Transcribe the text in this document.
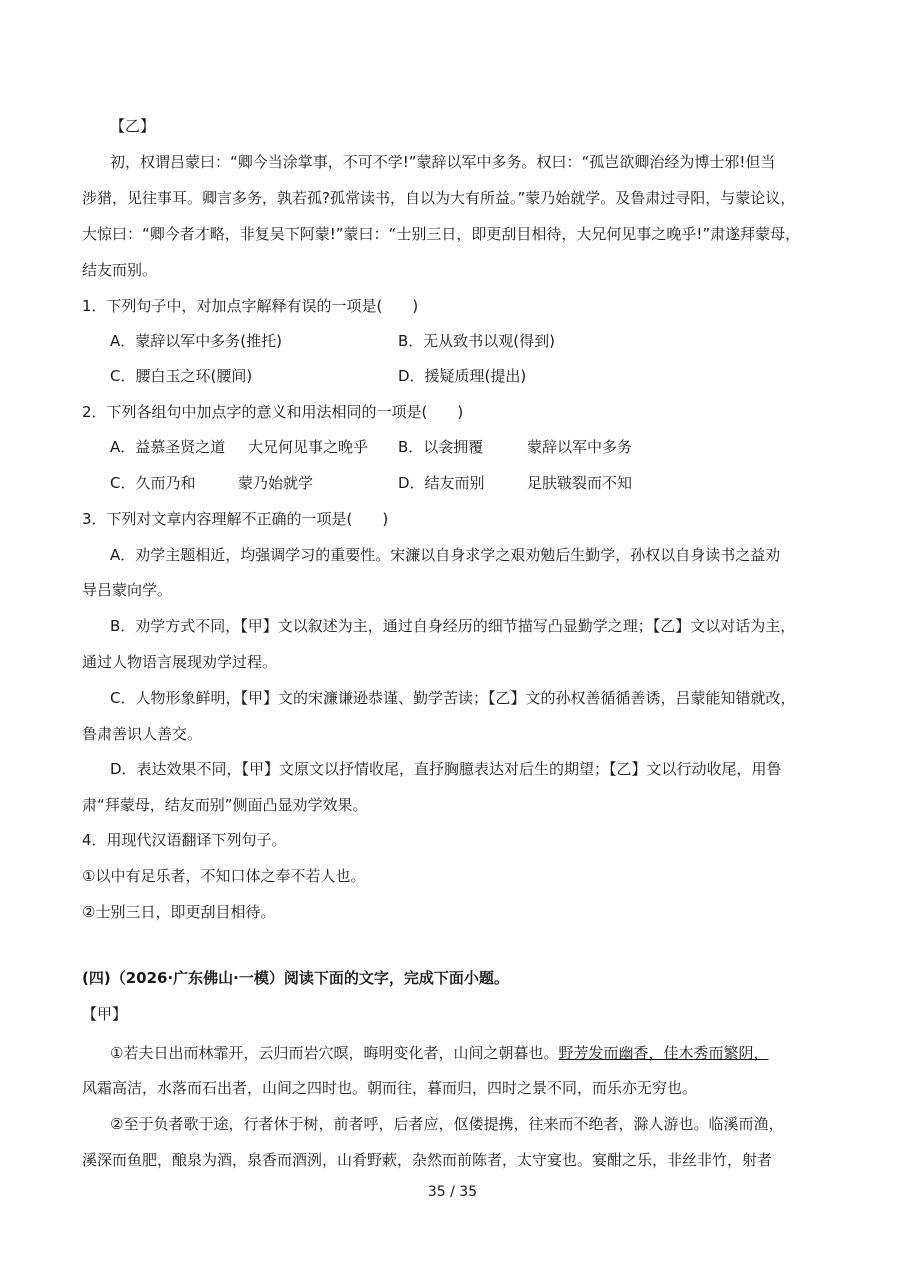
【乙】
初，权谓吕蒙曰：“卿今当涂掌事，不可不学!”蒙辞以军中多务。权曰：“孤岂欲卿治经为博士邪!但当
涉猎，见往事耳。卿言多务，孰若孤?孤常读书，自以为大有所益。”蒙乃始就学。及鲁肃过寻阳，与蒙论议，
大惊曰：“卿今者才略，非复吴下阿蒙!”蒙曰：“士别三日，即更刮目相待，大兄何见事之晚乎!”肃遂拜蒙母，
结友而别。
1．下列句子中，对加点字解释有误的一项是(　　)
A．蒙辞以军中多务(推托)	B．无从致书以观(得到)
C．腰白玉之环(腰间)	D．援疑质理(提出)
2．下列各组句中加点字的意义和用法相同的一项是(　　)
A．益慕圣贤之道 大兄何见事之晚乎 B．以衾拥覆	蒙辞以军中多务
C．久而乃和	蒙乃始就学	D．结友而别	足肤皲裂而不知
3．下列对文章内容理解不正确的一项是(　　)
A．劝学主题相近，均强调学习的重要性。宋濂以自身求学之艰劝勉后生勤学，孙权以自身读书之益劝
导吕蒙向学。
B．劝学方式不同，【甲】文以叙述为主，通过自身经历的细节描写凸显勤学之理；【乙】文以对话为主，
通过人物语言展现劝学过程。
C．人物形象鲜明，【甲】文的宋濂谦逊恭谨、勤学苦读；【乙】文的孙权善循循善诱，吕蒙能知错就改，
鲁肃善识人善交。
D．表达效果不同，【甲】文原文以抒情收尾，直抒胸臆表达对后生的期望；【乙】文以行动收尾，用鲁
肃“拜蒙母，结友而别”侧面凸显劝学效果。
4．用现代汉语翻译下列句子。
①以中有足乐者，不知口体之奉不若人也。
②士别三日，即更刮目相待。
(四)（2026·广东佛山·一模）阅读下面的文字，完成下面小题。
【甲】
①若夫日出而林霏开，云归而岩穴暝，晦明变化者，山间之朝暮也。野芳发而幽香，佳木秀而繁阴，
风霜高洁，水落而石出者，山间之四时也。朝而往，暮而归，四时之景不同，而乐亦无穷也。
②至于负者歌于途，行者休于树，前者呼，后者应，伛偻提携，往来而不绝者，滁人游也。临溪而渔，
溪深而鱼肥，酿泉为酒，泉香而酒洌，山肴野蔌，杂然而前陈者，太守宴也。宴酣之乐，非丝非竹，射者
35 / 35
